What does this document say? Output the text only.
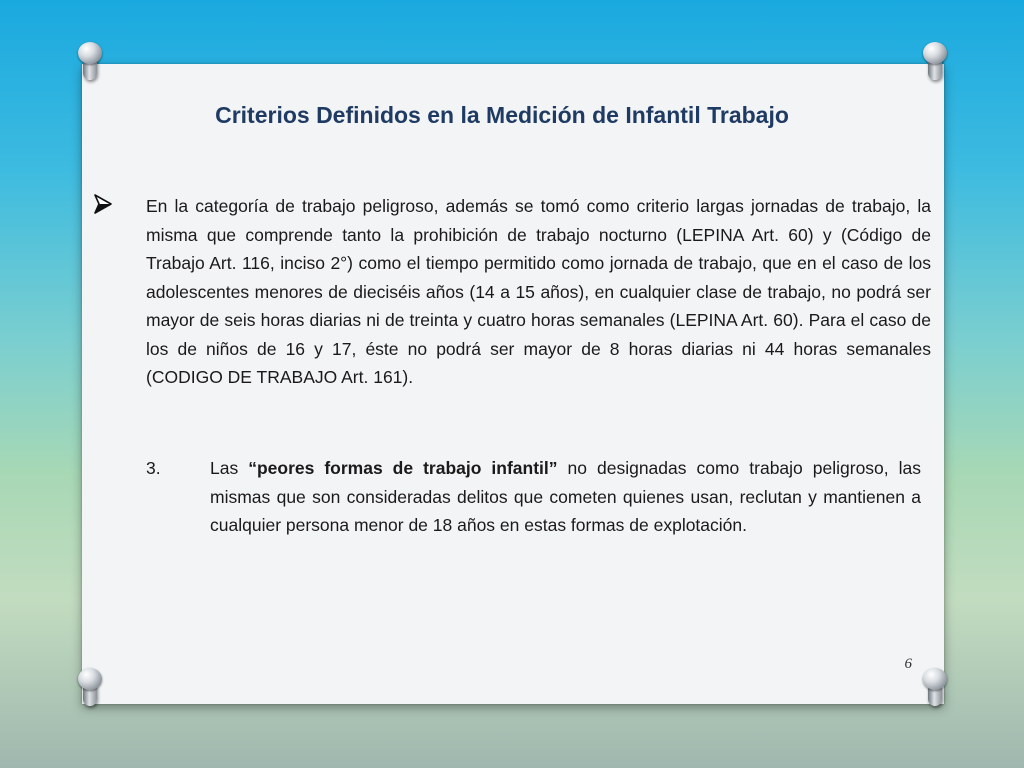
Criterios Definidos en la Medición de Infantil Trabajo

En la categoría de trabajo peligroso, además se tomó como criterio largas jornadas de trabajo, la misma que comprende tanto la prohibición de trabajo nocturno (LEPINA Art. 60) y (Código de Trabajo Art. 116, inciso 2°) como el tiempo permitido como jornada de trabajo, que en el caso de los adolescentes menores de dieciséis años (14 a 15 años), en cualquier clase de trabajo, no podrá ser mayor de seis horas diarias ni de treinta y cuatro horas semanales (LEPINA Art. 60). Para el caso de los de niños de 16 y 17, éste no podrá ser mayor de 8 horas diarias ni 44 horas semanales (CODIGO DE TRABAJO Art. 161).

3.	Las “peores formas de trabajo infantil” no designadas como trabajo peligroso, las mismas que son consideradas delitos que cometen quienes usan, reclutan y mantienen a cualquier persona menor de 18 años en estas formas de explotación.
6
